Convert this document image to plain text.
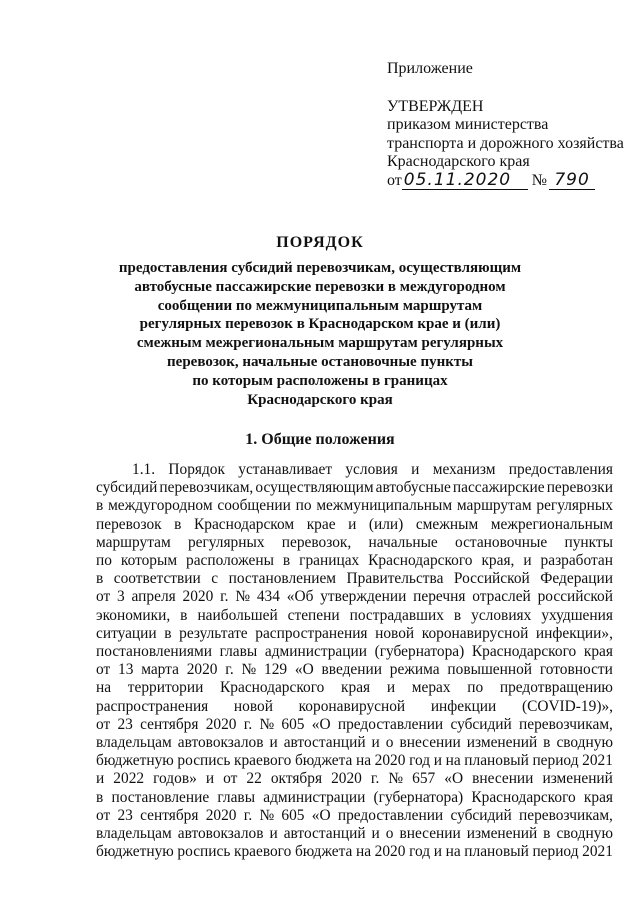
Приложение
УТВЕРЖДЕН
приказом министерства
транспорта и дорожного хозяйства
Краснодарского края
от 05.11.2020 № 790
ПОРЯДОК
предоставления субсидий перевозчикам, осуществляющим
автобусные пассажирские перевозки в междугородном
сообщении по межмуниципальным маршрутам
регулярных перевозок в Краснодарском крае и (или)
смежным межрегиональным маршрутам регулярных
перевозок, начальные остановочные пункты
по которым расположены в границах
Краснодарского края
1. Общие положения
1.1. Порядок устанавливает условия и механизм предоставления
субсидий перевозчикам, осуществляющим автобусные пассажирские перевозки
в междугородном сообщении по межмуниципальным маршрутам регулярных
перевозок в Краснодарском крае и (или) смежным межрегиональным
маршрутам регулярных перевозок, начальные остановочные пункты
по которым расположены в границах Краснодарского края, и разработан
в соответствии с постановлением Правительства Российской Федерации
от 3 апреля 2020 г. № 434 «Об утверждении перечня отраслей российской
экономики, в наибольшей степени пострадавших в условиях ухудшения
ситуации в результате распространения новой коронавирусной инфекции»,
постановлениями главы администрации (губернатора) Краснодарского края
от 13 марта 2020 г. № 129 «О введении режима повышенной готовности
на территории Краснодарского края и мерах по предотвращению
распространения новой коронавирусной инфекции (COVID-19)»,
от 23 сентября 2020 г. № 605 «О предоставлении субсидий перевозчикам,
владельцам автовокзалов и автостанций и о внесении изменений в сводную
бюджетную роспись краевого бюджета на 2020 год и на плановый период 2021
и 2022 годов» и от 22 октября 2020 г. № 657 «О внесении изменений
в постановление главы администрации (губернатора) Краснодарского края
от 23 сентября 2020 г. № 605 «О предоставлении субсидий перевозчикам,
владельцам автовокзалов и автостанций и о внесении изменений в сводную
бюджетную роспись краевого бюджета на 2020 год и на плановый период 2021
